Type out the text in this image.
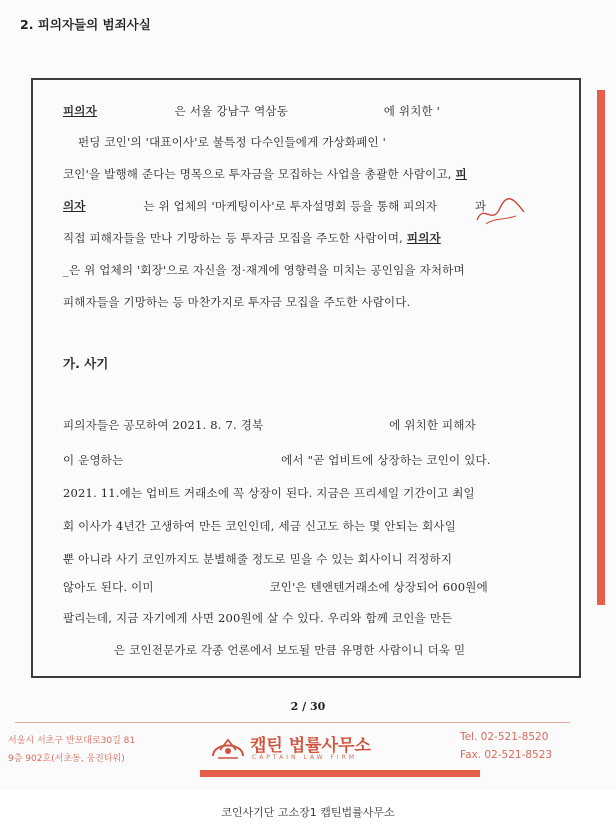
2. 피의자들의 범죄사실
피의자	은 서울 강남구 역삼동	에 위치한 '
펀딩 코인'의 '대표이사'로 불특정 다수인들에게 가상화폐인 '
코인'을 발행해 준다는 명목으로 투자금을 모집하는 사업을 총괄한 사람이고, 피
의자	는 위 업체의 '마케팅이사'로 투자설명회 등을 통해 피의자	과
직접 피해자들을 만나 기망하는 등 투자금 모집을 주도한 사람이며, 피의자
_은 위 업체의 '회장'으로 자신을 정·재계에 영향력을 미치는 공인임을 자처하며
피해자들을 기망하는 등 마찬가지로 투자금 모집을 주도한 사람이다.
가. 사기
피의자들은 공모하여 2021. 8. 7. 경북	에 위치한 피해자
이 운영하는	에서 "곧 업비트에 상장하는 코인이 있다.
2021. 11.에는 업비트 거래소에 꼭 상장이 된다. 지금은 프리세일 기간이고 최일
회 이사가 4년간 고생하여 만든 코인인데, 세금 신고도 하는 몇 안되는 회사일
뿐 아니라 사기 코인까지도 분별해줄 정도로 믿을 수 있는 회사이니 걱정하지
않아도 된다. 이미	코인'은 텐앤텐거래소에 상장되어 600원에
팔리는데, 지금 자기에게 사면 200원에 살 수 있다. 우리와 함께 코인을 만든
은 코인전문가로 각종 언론에서 보도될 만큼 유명한 사람이니 더욱 믿
2 / 30
서울시 서초구 반포대로30길 81
9층 902호(서초동, 웅진타워)
캡틴 법률사무소
CAPTAIN LAW FIRM
Tel. 02-521-8520
Fax. 02-521-8523
코인사기단 고소장1 캡틴법률사무소
